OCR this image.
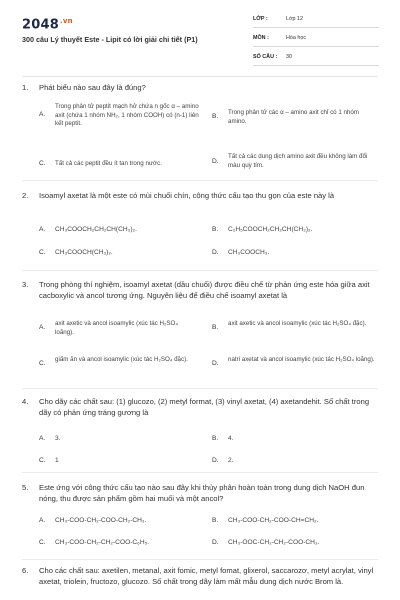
$2048^{.vn}$
300 câu Lý thuyết Este - Lipit có lời giải chi tiết (P1)
LỚP :	Lớp 12
MÔN :	Hóa học
SỐ CÂU : 30
1. Phát biểu nào sau đây là đúng?
A.
Trong phân tử peptit mạch hở chứa n gốc α – amino axit (chứa 1 nhóm NH₂, 1 nhóm COOH) có (n-1) liên kết peptit.
B.
Trong phân tử các α – amino axit chỉ có 1 nhóm amino.
C. Tất cả các peptit đều ít tan trong nước.	D.
Tất cả các dung dịch amino axit đều không làm đổi màu quỳ tím.
2. Isoamyl axetat là một este có mùi chuối chín, công thức cấu tạo thu gọn của este này là
A. CH₃COOCH₂CH₂CH(CH₃)₂.	B. C₂H₅COOCH₂CH₂CH(CH₃)₂.
C. CH₃COOCH(CH₃)₂.	D. CH₃COOCH₃.
3. Trong phòng thí nghiệm, isoamyl axetat (dầu chuối) được điều chế từ phản ứng este hóa giữa axit cacboxylic và ancol tương ứng. Nguyên liệu để điều chế isoamyl axetat là
A.
axit axetic và ancol isoamylic (xúc tác H₂SO₄ loãng).
B.
axit axetic và ancol isoamylic (xúc tác H₂SO₄ đặc).
C.
giấm ăn và ancol isoamylic (xúc tác H₂SO₄ đặc).
D.
natri axetat và ancol isoamylic (xúc tác H₂SO₄ loãng).
4. Cho dãy các chất sau: (1) glucozo, (2) metyl format, (3) vinyl axetat, (4) axetandehit. Số chất trong dãy có phản ứng tráng gương là
A. 3.	B. 4.
C. 1	D. 2.
5. Este ứng với công thức cấu tạo nào sau đây khi thủy phân hoàn toàn trong dung dịch NaOH đun nóng, thu được sản phẩm gồm hai muối và một ancol?
A. CH₃-COO-CH₂-COO-CH₂-CH₃.	B. CH₃-COO-CH₂-COO-CH=CH₂.
C. CH₃-COO-CH₂-CH₂-COO-C₆H₅.	D. CH₃-OOC-CH₂-CH₂-COO-CH₃.
6. Cho các chất sau: axetilen, metanal, axit fomic, metyl fomat, glixerol, saccarozơ, metyl acrylat, vinyl axetat, triolein, fructozo, glucozo. Số chất trong dãy làm mất mẫu dung dịch nước Brom là.
